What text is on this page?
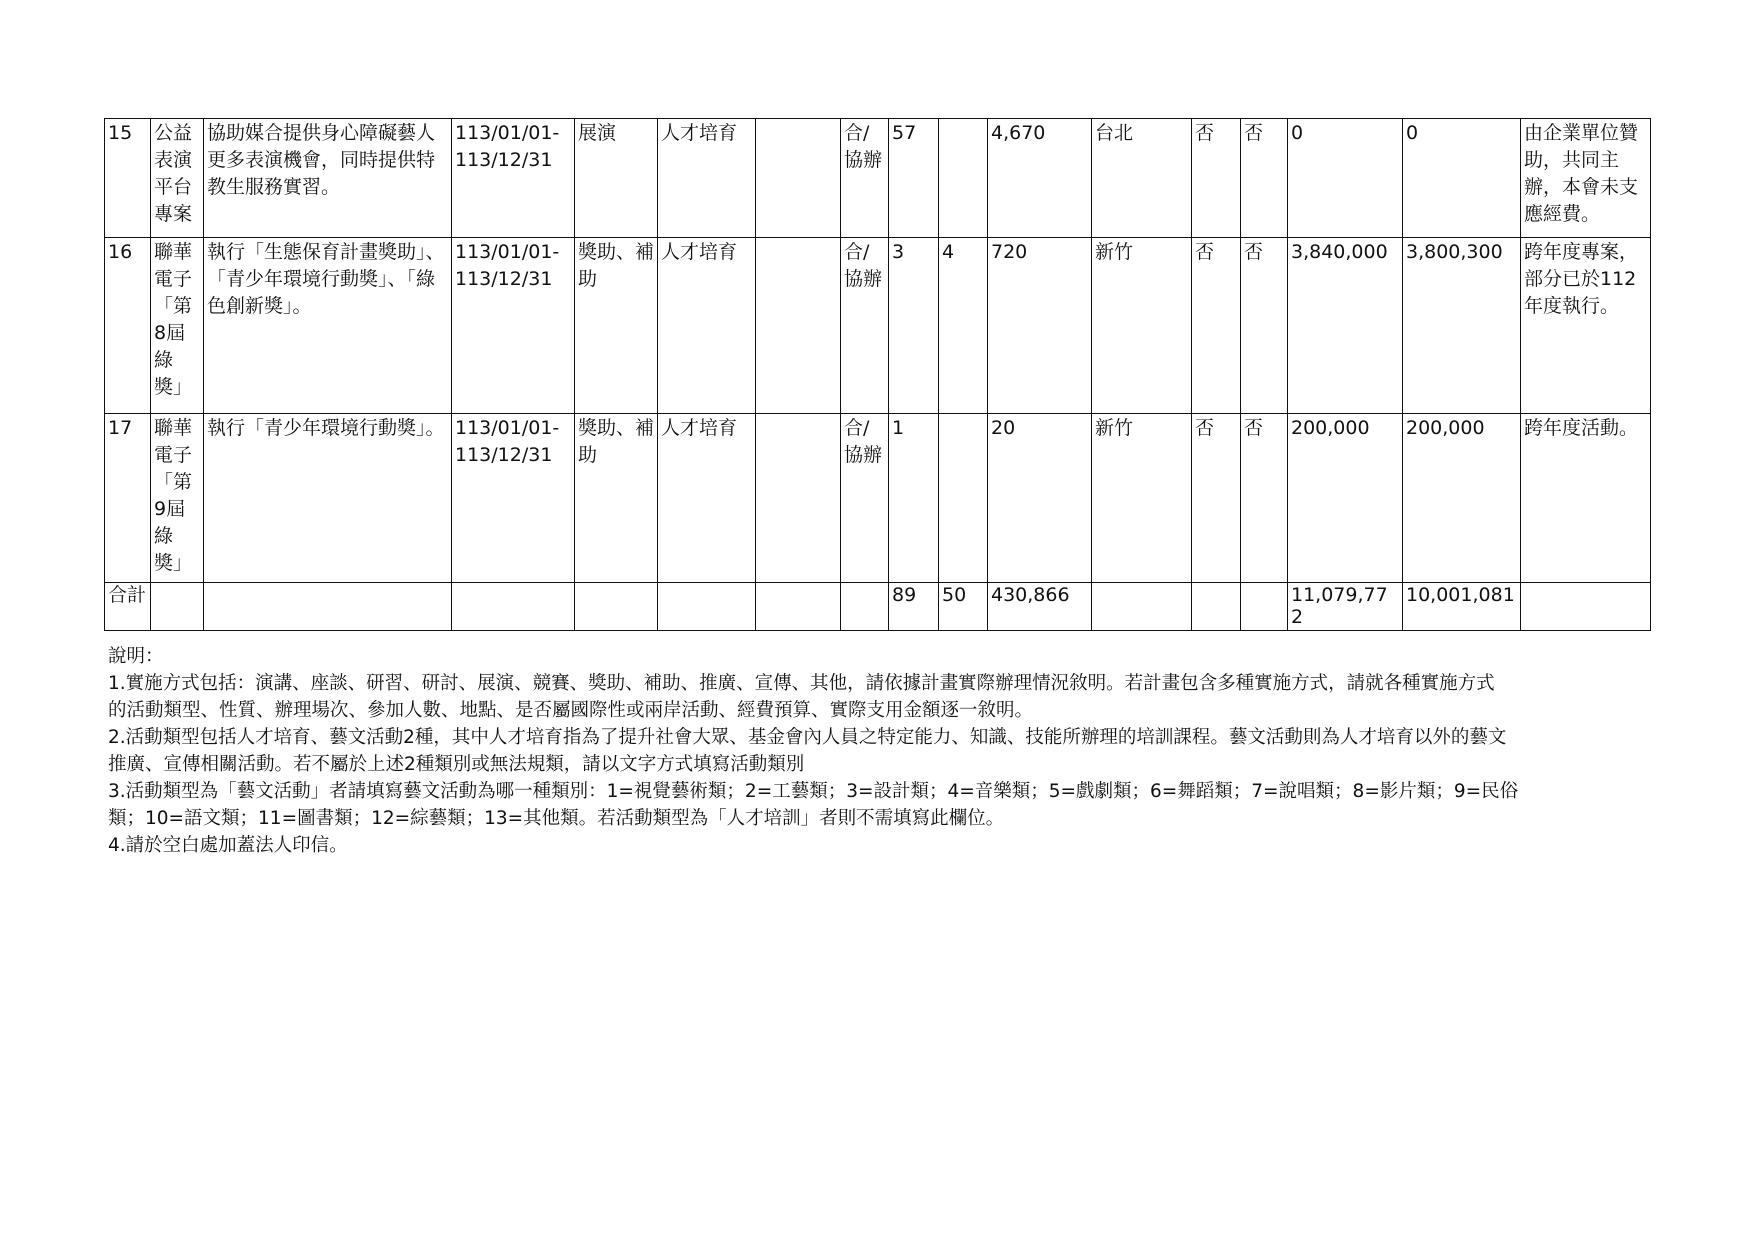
15	公益表演平台專案	協助媒合提供身心障礙藝人更多表演機會，同時提供特教生服務實習。	113/01/01-113/12/31	展演	人才培育		合/協辦	57		4,670	台北	否	否	0	0	由企業單位贊助，共同主辦，本會未支應經費。
16	聯華電子「第8屆綠獎」	執行「生態保育計畫獎助」、「青少年環境行動獎」、「綠色創新獎」。	113/01/01-113/12/31	獎助、補助	人才培育		合/協辦	3	4	720	新竹	否	否	3,840,000	3,800,300	跨年度專案，部分已於112年度執行。
17	聯華電子「第9屆綠獎」	執行「青少年環境行動獎」。	113/01/01-113/12/31	獎助、補助	人才培育		合/協辦	1		20	新竹	否	否	200,000	200,000	跨年度活動。
合計								89	50	430,866				11,079,772	10,001,081	
說明：
1.實施方式包括：演講、座談、研習、研討、展演、競賽、獎助、補助、推廣、宣傳、其他，請依據計畫實際辦理情況敘明。若計畫包含多種實施方式，請就各種實施方式
的活動類型、性質、辦理場次、參加人數、地點、是否屬國際性或兩岸活動、經費預算、實際支用金額逐一敘明。
2.活動類型包括人才培育、藝文活動2種，其中人才培育指為了提升社會大眾、基金會內人員之特定能力、知識、技能所辦理的培訓課程。藝文活動則為人才培育以外的藝文
推廣、宣傳相關活動。若不屬於上述2種類別或無法規類，請以文字方式填寫活動類別
3.活動類型為「藝文活動」者請填寫藝文活動為哪一種類別：1=視覺藝術類；2=工藝類；3=設計類；4=音樂類；5=戲劇類；6=舞蹈類；7=說唱類；8=影片類；9=民俗
類；10=語文類；11=圖書類；12=綜藝類；13=其他類。若活動類型為「人才培訓」者則不需填寫此欄位。
4.請於空白處加蓋法人印信。
